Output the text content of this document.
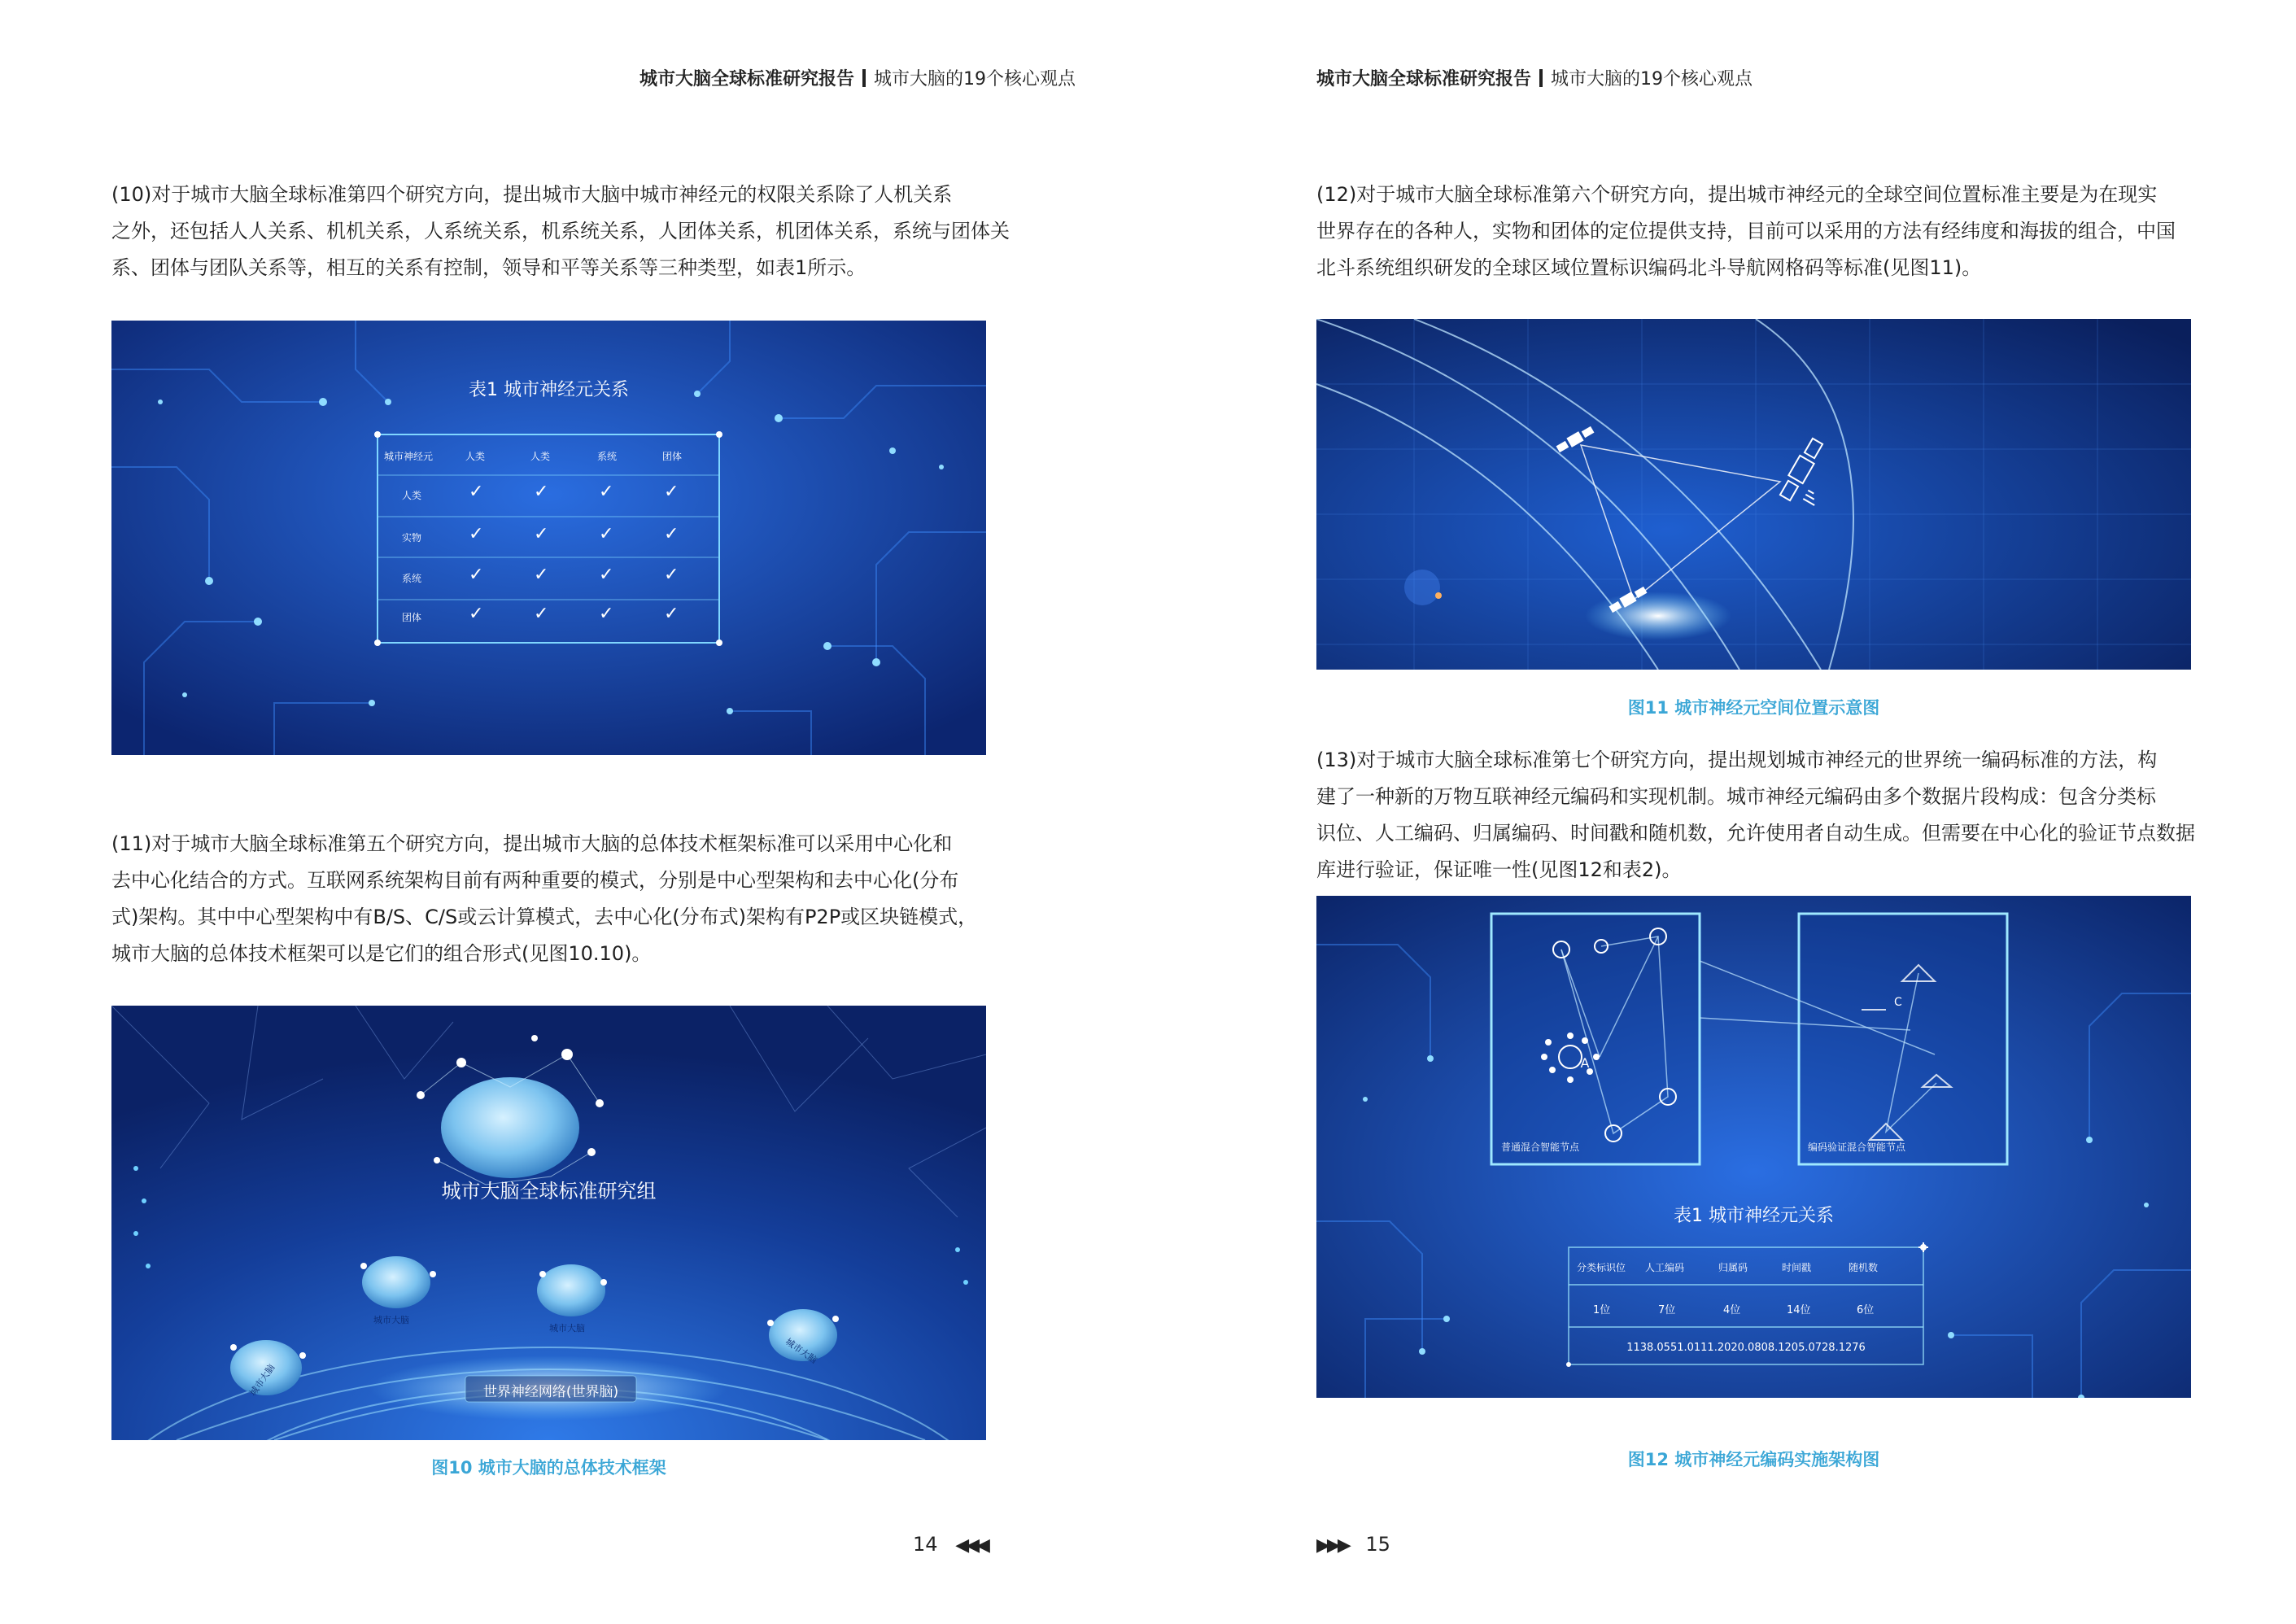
城市大脑全球标准研究报告 城市大脑的19个核心观点
(10)对于城市大脑全球标准第四个研究方向，提出城市大脑中城市神经元的权限关系除了人机关系
之外，还包括人人关系、机机关系，人系统关系，机系统关系，人团体关系，机团体关系，系统与团体关
系、团体与团队关系等，相互的关系有控制，领导和平等关系等三种类型，如表1所示。
表1 城市神经元关系
城市神经元	人类	人类	系统	团体
人类	✓	✓	✓	✓
实物	✓	✓	✓	✓
系统	✓	✓	✓	✓
团体	✓	✓	✓	✓
(11)对于城市大脑全球标准第五个研究方向，提出城市大脑的总体技术框架标准可以采用中心化和
去中心化结合的方式。互联网系统架构目前有两种重要的模式，分别是中心型架构和去中心化(分布
式)架构。其中中心型架构中有B/S、C/S或云计算模式，去中心化(分布式)架构有P2P或区块链模式，
城市大脑的总体技术框架可以是它们的组合形式(见图10.10)。
城市大脑全球标准研究组
城市大脑
城市大脑
城市大脑
城市大脑
世界神经网络(世界脑)
图10 城市大脑的总体技术框架
14 ◀◀◀
城市大脑全球标准研究报告 城市大脑的19个核心观点
(12)对于城市大脑全球标准第六个研究方向，提出城市神经元的全球空间位置标准主要是为在现实
世界存在的各种人，实物和团体的定位提供支持，目前可以采用的方法有经纬度和海拔的组合，中国
北斗系统组织研发的全球区域位置标识编码北斗导航网格码等标准(见图11)。
图11 城市神经元空间位置示意图
(13)对于城市大脑全球标准第七个研究方向，提出规划城市神经元的世界统一编码标准的方法，构
建了一种新的万物互联神经元编码和实现机制。城市神经元编码由多个数据片段构成：包含分类标
识位、人工编码、归属编码、时间戳和随机数，允许使用者自动生成。但需要在中心化的验证节点数据
库进行验证，保证唯一性(见图12和表2)。
A
C
普通混合智能节点	编码验证混合智能节点
表1 城市神经元关系
分类标识位 人工编码	归属码	时间戳	随机数
1位	7位	4位	14位	6位
1138.0551.0111.2020.0808.1205.0728.1276
图12 城市神经元编码实施架构图
▶▶▶ 15
